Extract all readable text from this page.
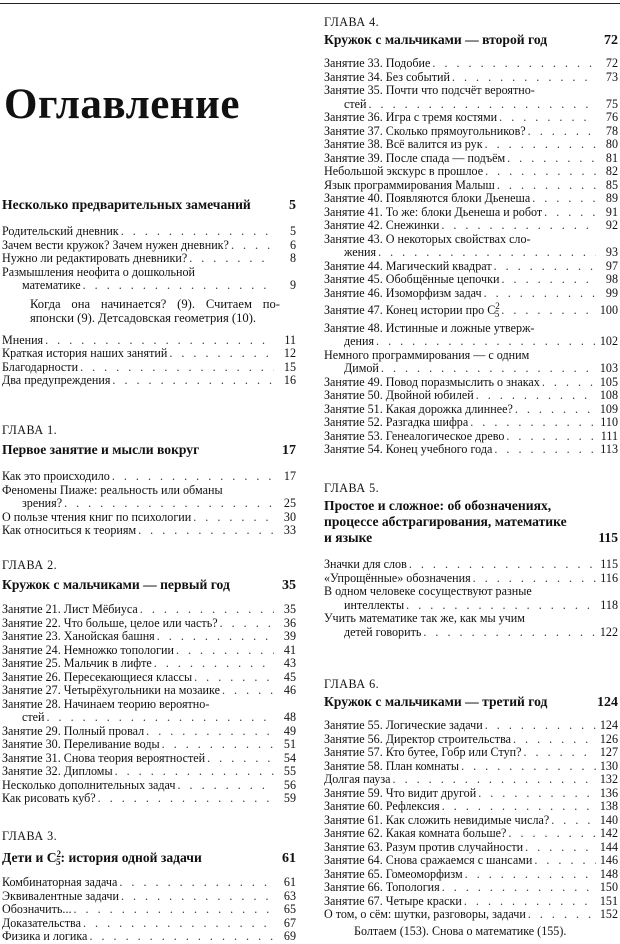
Оглавление
Несколько предварительных замечаний	5
Родительский дневник . . .	5
Зачем вести кружок? Зачем нужен дневник? . . .	6
Нужно ли редактировать дневники? . . .	8
Размышления неофита о дошкольной
математике . . .	9
Когда она начинается? (9). Считаем по-японски (9). Детсадовская геометрия (10).
Мнения . . .	11
Краткая история наших занятий . . .	12
Благодарности . . .	15
Два предупреждения . . .	16
ГЛАВА 1.
Первое занятие и мысли вокруг	17
Как это происходило . . .	17
Феномены Пиаже: реальность или обманы
зрения? . . .	25
О пользе чтения книг по психологии . . .	30
Как относиться к теориям . . .	33
ГЛАВА 2.
Кружок с мальчиками — первый год	35
Занятие 21. Лист Мёбиуса . . .	35
Занятие 22. Что больше, целое или часть? . . .	36
Занятие 23. Ханойская башня . . .	39
Занятие 24. Немножко топологии . . .	41
Занятие 25. Мальчик в лифте . . .	43
Занятие 26. Пересекающиеся классы . . .	45
Занятие 27. Четырёхугольники на мозаике . . .	46
Занятие 28. Начинаем теорию вероятно-
стей . . .	48
Занятие 29. Полный провал . . .	49
Занятие 30. Переливание воды . . .	51
Занятие 31. Снова теория вероятностей . . .	54
Занятие 32. Дипломы . . .	55
Несколько дополнительных задач . . .	56
Как рисовать куб? . . .	59
ГЛАВА 3.
Дети и $C^2_5$: история одной задачи	61
Комбинаторная задача . . .	61
Эквивалентные задачи . . .	63
Обозначить... . . .	65
Доказательства . . .	67
Физика и логика . . .	69
ГЛАВА 4.
Кружок с мальчиками — второй год	72
Занятие 33. Подобие . . .	72
Занятие 34. Без событий . . .	73
Занятие 35. Почти что подсчёт вероятно-
стей . . .	75
Занятие 36. Игра с тремя костями . . .	76
Занятие 37. Сколько прямоугольников? . . .	78
Занятие 38. Всё валится из рук . . .	80
Занятие 39. После спада — подъём . . .	81
Небольшой экскурс в прошлое . . .	82
Язык программирования Малыш . . .	85
Занятие 40. Появляются блоки Дьенеша . . .	89
Занятие 41. То же: блоки Дьенеша и робот . . .	91
Занятие 42. Снежинки . . .	92
Занятие 43. О некоторых свойствах сло-
жения . . .	93
Занятие 44. Магический квадрат . . .	97
Занятие 45. Обобщённые цепочки . . .	98
Занятие 46. Изоморфизм задач . . .	99
Занятие 47. Конец истории про $C^2_5$ . . .	100
Занятие 48. Истинные и ложные утверж-
дения . . .	102
Немного программирования — с одним
Димой . . .	103
Занятие 49. Повод поразмыслить о знаках . . .	105
Занятие 50. Двойной юбилей . . .	108
Занятие 51. Какая дорожка длиннее? . . .	109
Занятие 52. Разгадка шифра . . .	110
Занятие 53. Генеалогическое древо . . .	111
Занятие 54. Конец учебного года . . .	113
ГЛАВА 5.
Простое и сложное: об обозначениях,
процессе абстрагирования, математике
и языке	115
Значки для слов . . .	115
«Упрощённые» обозначения . . .	116
В одном человеке сосуществуют разные
интеллекты . . .	118
Учить математике так же, как мы учим
детей говорить . . .	122
ГЛАВА 6.
Кружок с мальчиками — третий год	124
Занятие 55. Логические задачи . . .	124
Занятие 56. Директор строительства . . .	126
Занятие 57. Кто бутее, Гобр или Ступ? . . .	127
Занятие 58. План комнаты . . .	130
Долгая пауза . . .	132
Занятие 59. Что видит другой . . .	136
Занятие 60. Рефлексия . . .	138
Занятие 61. Как сложить невидимые числа? . . .	140
Занятие 62. Какая комната больше? . . .	142
Занятие 63. Разум против случайности . . .	144
Занятие 64. Снова сражаемся с шансами . . .	146
Занятие 65. Гомеоморфизм . . .	148
Занятие 66. Топология . . .	150
Занятие 67. Четыре краски . . .	151
О том, о сём: шутки, разговоры, задачи . . .	152
Болтаем (153). Снова о математике (155).
